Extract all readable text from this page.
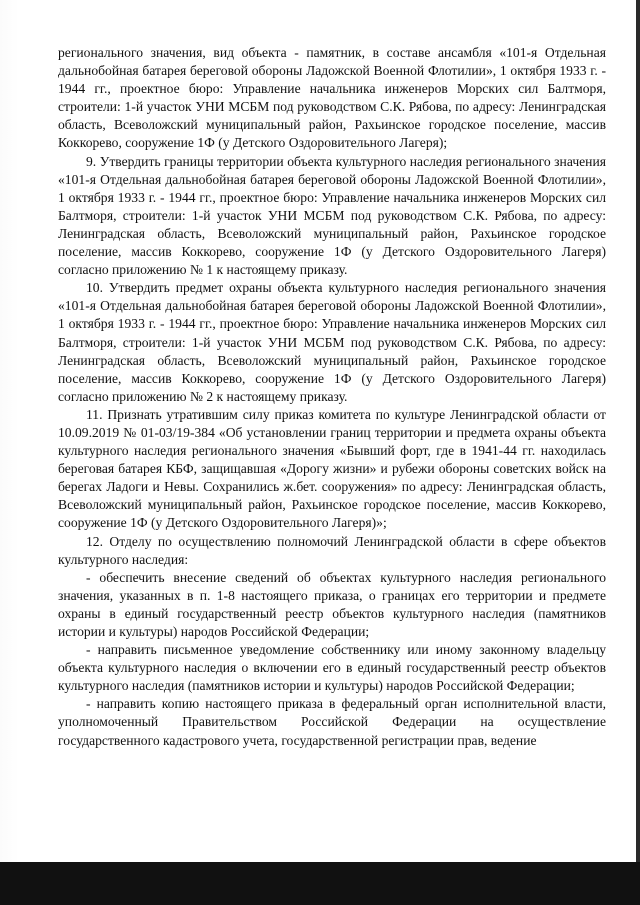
регионального значения, вид объекта - памятник, в составе ансамбля «101-я Отдельная дальнобойная батарея береговой обороны Ладожской Военной Флотилии», 1 октября 1933 г. - 1944 гг., проектное бюро: Управление начальника инженеров Морских сил Балтморя, строители: 1-й участок УНИ МСБМ под руководством С.К. Рябова, по адресу: Ленинградская область, Всеволожский муниципальный район, Рахьинское городское поселение, массив Коккорево, сооружение 1Ф (у Детского Оздоровительного Лагеря);

9. Утвердить границы территории объекта культурного наследия регионального значения «101-я Отдельная дальнобойная батарея береговой обороны Ладожской Военной Флотилии», 1 октября 1933 г. - 1944 гг., проектное бюро: Управление начальника инженеров Морских сил Балтморя, строители: 1-й участок УНИ МСБМ под руководством С.К. Рябова, по адресу: Ленинградская область, Всеволожский муниципальный район, Рахьинское городское поселение, массив Коккорево, сооружение 1Ф (у Детского Оздоровительного Лагеря) согласно приложению № 1 к настоящему приказу.

10. Утвердить предмет охраны объекта культурного наследия регионального значения «101-я Отдельная дальнобойная батарея береговой обороны Ладожской Военной Флотилии», 1 октября 1933 г. - 1944 гг., проектное бюро: Управление начальника инженеров Морских сил Балтморя, строители: 1-й участок УНИ МСБМ под руководством С.К. Рябова, по адресу: Ленинградская область, Всеволожский муниципальный район, Рахьинское городское поселение, массив Коккорево, сооружение 1Ф (у Детского Оздоровительного Лагеря) согласно приложению № 2 к настоящему приказу.

11. Признать утратившим силу приказ комитета по культуре Ленинградской области от 10.09.2019 № 01-03/19-384 «Об установлении границ территории и предмета охраны объекта культурного наследия регионального значения «Бывший форт, где в 1941-44 гг. находилась береговая батарея КБФ, защищавшая «Дорогу жизни» и рубежи обороны советских войск на берегах Ладоги и Невы. Сохранились ж.бет. сооружения» по адресу: Ленинградская область, Всеволожский муниципальный район, Рахьинское городское поселение, массив Коккорево, сооружение 1Ф (у Детского Оздоровительного Лагеря)»;

12. Отделу по осуществлению полномочий Ленинградской области в сфере объектов культурного наследия:

- обеспечить внесение сведений об объектах культурного наследия регионального значения, указанных в п. 1-8 настоящего приказа, о границах его территории и предмете охраны в единый государственный реестр объектов культурного наследия (памятников истории и культуры) народов Российской Федерации;

- направить письменное уведомление собственнику или иному законному владельцу объекта культурного наследия о включении его в единый государственный реестр объектов культурного наследия (памятников истории и культуры) народов Российской Федерации;

- направить копию настоящего приказа в федеральный орган исполнительной власти, уполномоченный Правительством Российской Федерации на осуществление государственного кадастрового учета, государственной регистрации прав, ведение
